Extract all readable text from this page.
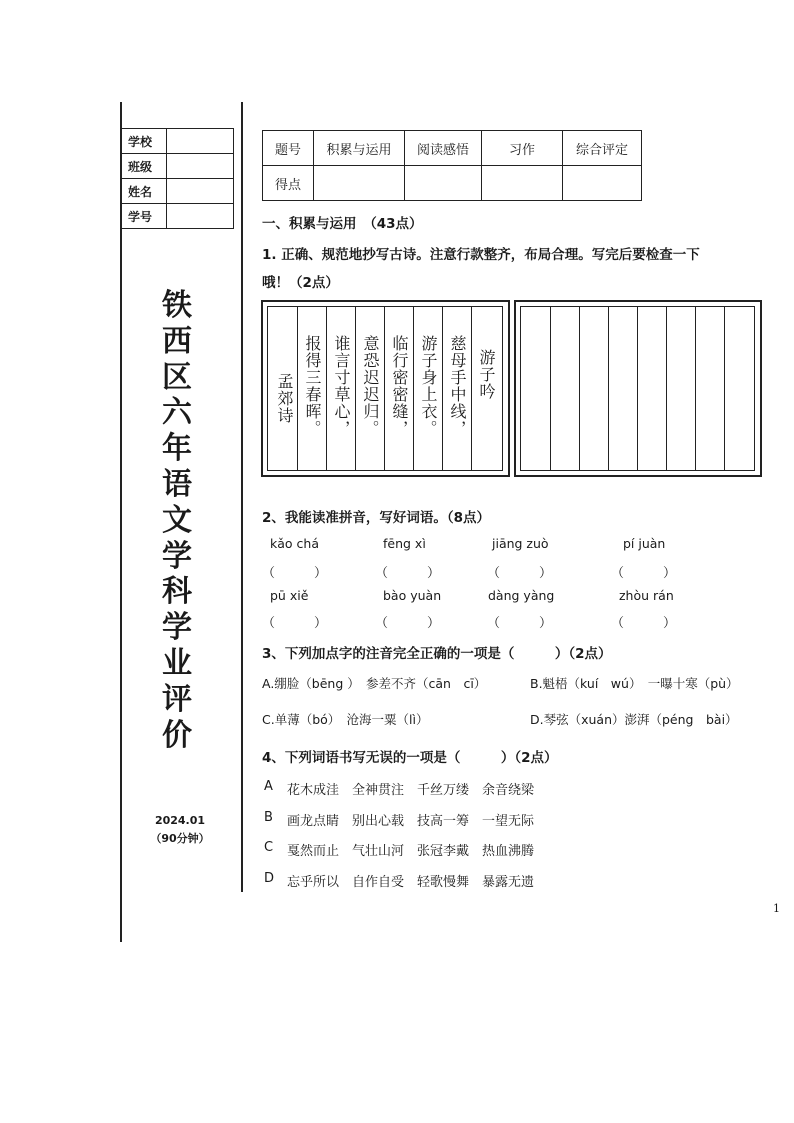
学校	
班级	
姓名	
学号	
铁
西
区
六
年
语
文
学
科
学
业
评
价
2024.01
（90分钟）
题号	积累与运用	阅读感悟	习作	综合评定
得点				
一、积累与运用　（43点）
1. 正确、规范地抄写古诗。注意行款整齐，布局合理。写完后要检查一下
哦！（2点）
游子吟
慈母手中线，
游子身上衣。
临行密密缝，
意恐迟迟归。
谁言寸草心，
报得三春晖。
孟郊诗
2、我能读准拼音，写好词语。（8点）
kǎo chá	fēng xì	jiāng zuò	pí juàn
（　　　）	（　　　）	（　　　）	（　　　）
pū xiě	bào yuàn	dàng yàng	zhòu rán
（　　　）	（　　　）	（　　　）	（　　　）
3、下列加点字的注音完全正确的一项是（　　　）（2点）
A.绷脸（bēng ）　参差不齐（cān　cī）	B.魁梧（kuí　wú）　一曝十寒（pù）
C.单薄（bó）　沧海一粟（lì）	D.琴弦（xuán）澎湃（péng　bài）
4、下列词语书写无误的一项是（　　　）（2点）
A 花木成洼　全神贯注　千丝万缕　余音绕梁
B 画龙点睛　别出心载　技高一筹　一望无际
C 戛然而止　气壮山河　张冠李戴　热血沸腾
D 忘乎所以　自作自受　轻歌慢舞　暴露无遗
1
